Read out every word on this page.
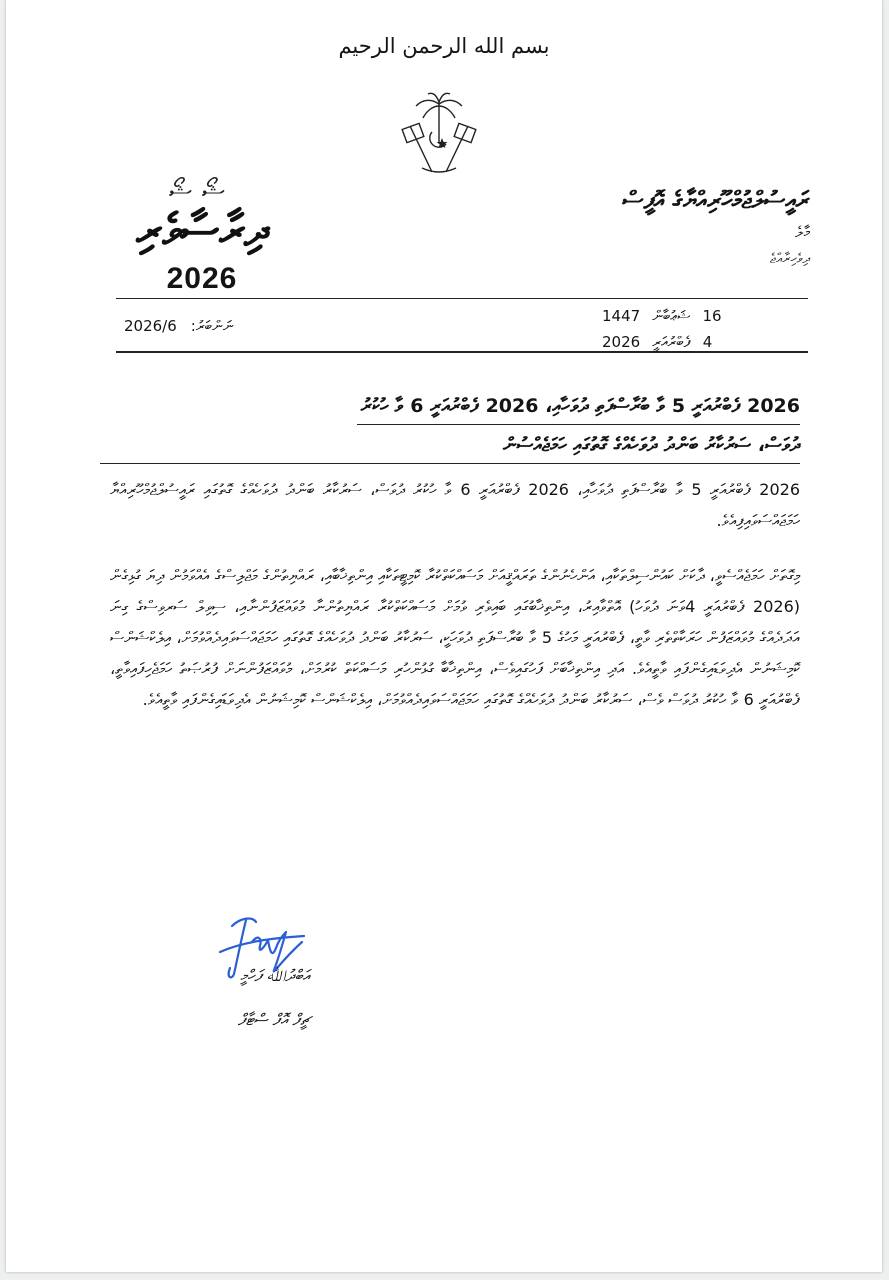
بسم الله الرحمن الرحيم
ޝޯޝޯ
ދިރާސާވެރި
2026
ރައީސުލްޖުމްހޫރިއްޔާގެ އޮފީސް
މާލެ
ދިވެހިރާއްޖެ
2026/6 ނަންބަރު:
16
ޝަޢުބާން
1447
4
ފެބްރުއަރީ
2026
2026 ފެބްރުއަރީ 5 ވާ ބުރާސްފަތި ދުވަހާއި، 2026 ފެބްރުއަރީ 6 ވާ ހުކުރު
ދުވަސް، ސަރުކާރު ބަންދު ދުވަހެއްގެ ގޮތުގައި ހަމަޖެއްސުން

2026 ފެބްރުއަރީ 5 ވާ ބުރާސްފަތި ދުވަހާއި، 2026 ފެބްރުއަރީ 6 ވާ ހުކުރު ދުވަސް، ސަރުކާރު ބަންދު ދުވަހެއްގެ ގޮތުގައި ރައީސުލްޖުމްހޫރިއްޔާ ހަމަޖައްސަވައިފިއެވެ.

މިގޮތަށް ހަމަޖެއްސެވީ، ދާކަށް ކައުންސިލްތަކާއި، އަންހެނުންގެ ތަރައްޤީއަށް މަސައްކަތްކުރާ ކޮމިޓީތަކާއި އިންތިޚާބާއި، ރައްޔިތުންގެ މަޖްލިސްގެ އެއްވަމުން ދިޔަ ގުޅިގެން (2026 ފެބްރުއަރީ 4ވަނަ ދުވަހު) އޮތްވާއިރު، އިންތިޚާބުގައި ބައިވެރި ވުމަށް މަސައްކަތްކުރާ ރައްޔިތުންނާ މުވައްޒަފުންނާއި، ސިވިލް ސަރވިސްގެ ގިނަ އަދަދެއްގެ މުވައްޒަފުން ހަރަކާތްތެރި ވާތީ، ފެބްރުއަރީ މަހުގެ 5 ވާ ބުރާސްފަތި ދުވަހަކީ، ސަރުކާރު ބަންދު ދުވަހެއްގެ ގޮތުގައި ހަމަޖައްސަވައިދެއްވުމަށް، އިލެކްޝަންސް ކޮމިޝަނުން އެދިވަޑައިގެންފައި ވާތީއެވެ. އަދި އިންތިޚާބަށް ފަހުގައިވެސް، އިންތިޚާބާ ގުޅުންހުރި މަސައްކަތް ކުރުމަށް، މުވައްޒަފުންނަށް ފުރުޞަތު ހަމަޖެހިފައިވާތީ، ފެބްރުއަރީ 6 ވާ ހުކުރު ދުވަސް ވެސް، ސަރުކާރު ބަންދު ދުވަހެއްގެ ގޮތުގައި ހަމަޖައްސަވައިދެއްވުމަށް، އިލެކްޝަންސް ކޮމިޝަނުން އެދިވަޑައިގެންފައި ވާތީއެވެ.

އަބްދުﷲ ފަހްމީ
ޗީފް އޮފް ސްޓާފް
